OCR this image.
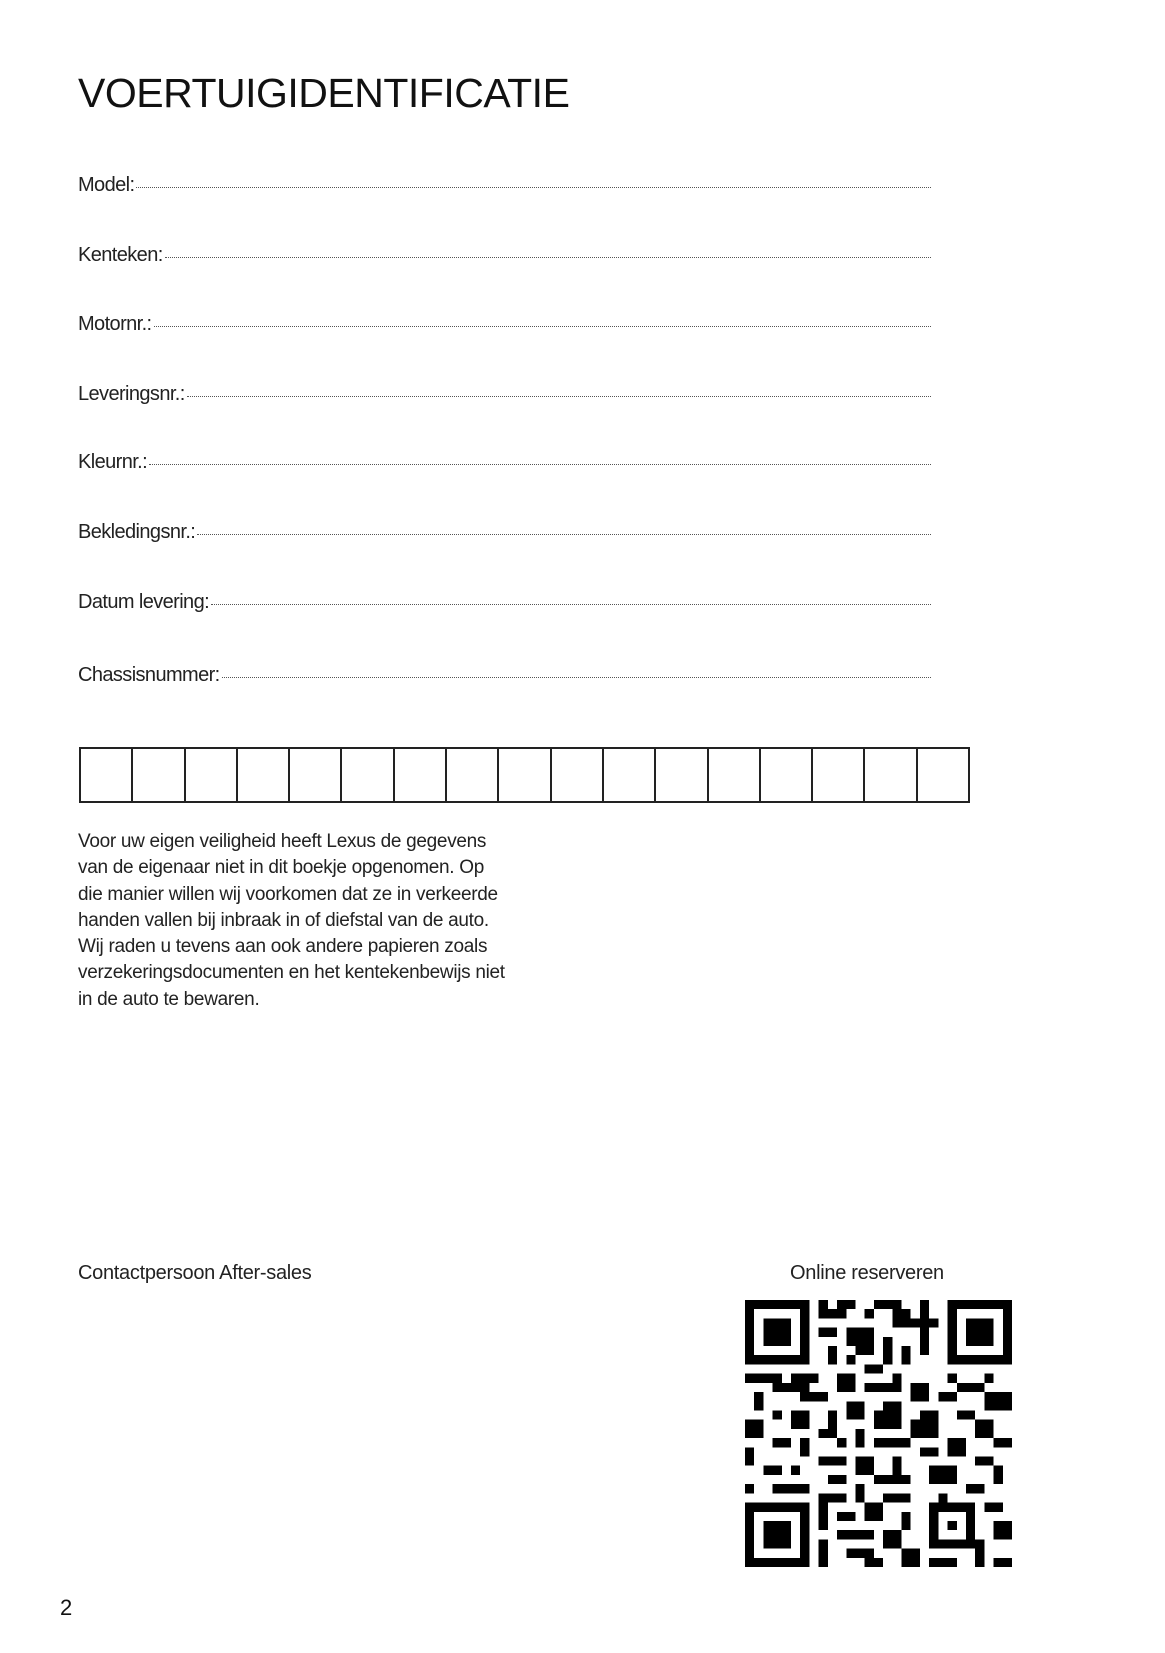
VOERTUIGIDENTIFICATIE
Model:
Kenteken:
Motornr.:
Leveringsnr.:
Kleurnr.:
Bekledingsnr.:
Datum levering:
Chassisnummer:

Voor uw eigen veiligheid heeft Lexus de gegevens van de eigenaar niet in dit boekje opgenomen. Op die manier willen wij voorkomen dat ze in verkeerde handen vallen bij inbraak in of diefstal van de auto. Wij raden u tevens aan ook andere papieren zoals verzekeringsdocumenten en het kentekenbewijs niet in de auto te bewaren.

Contactpersoon After-sales	Online reserveren
2
